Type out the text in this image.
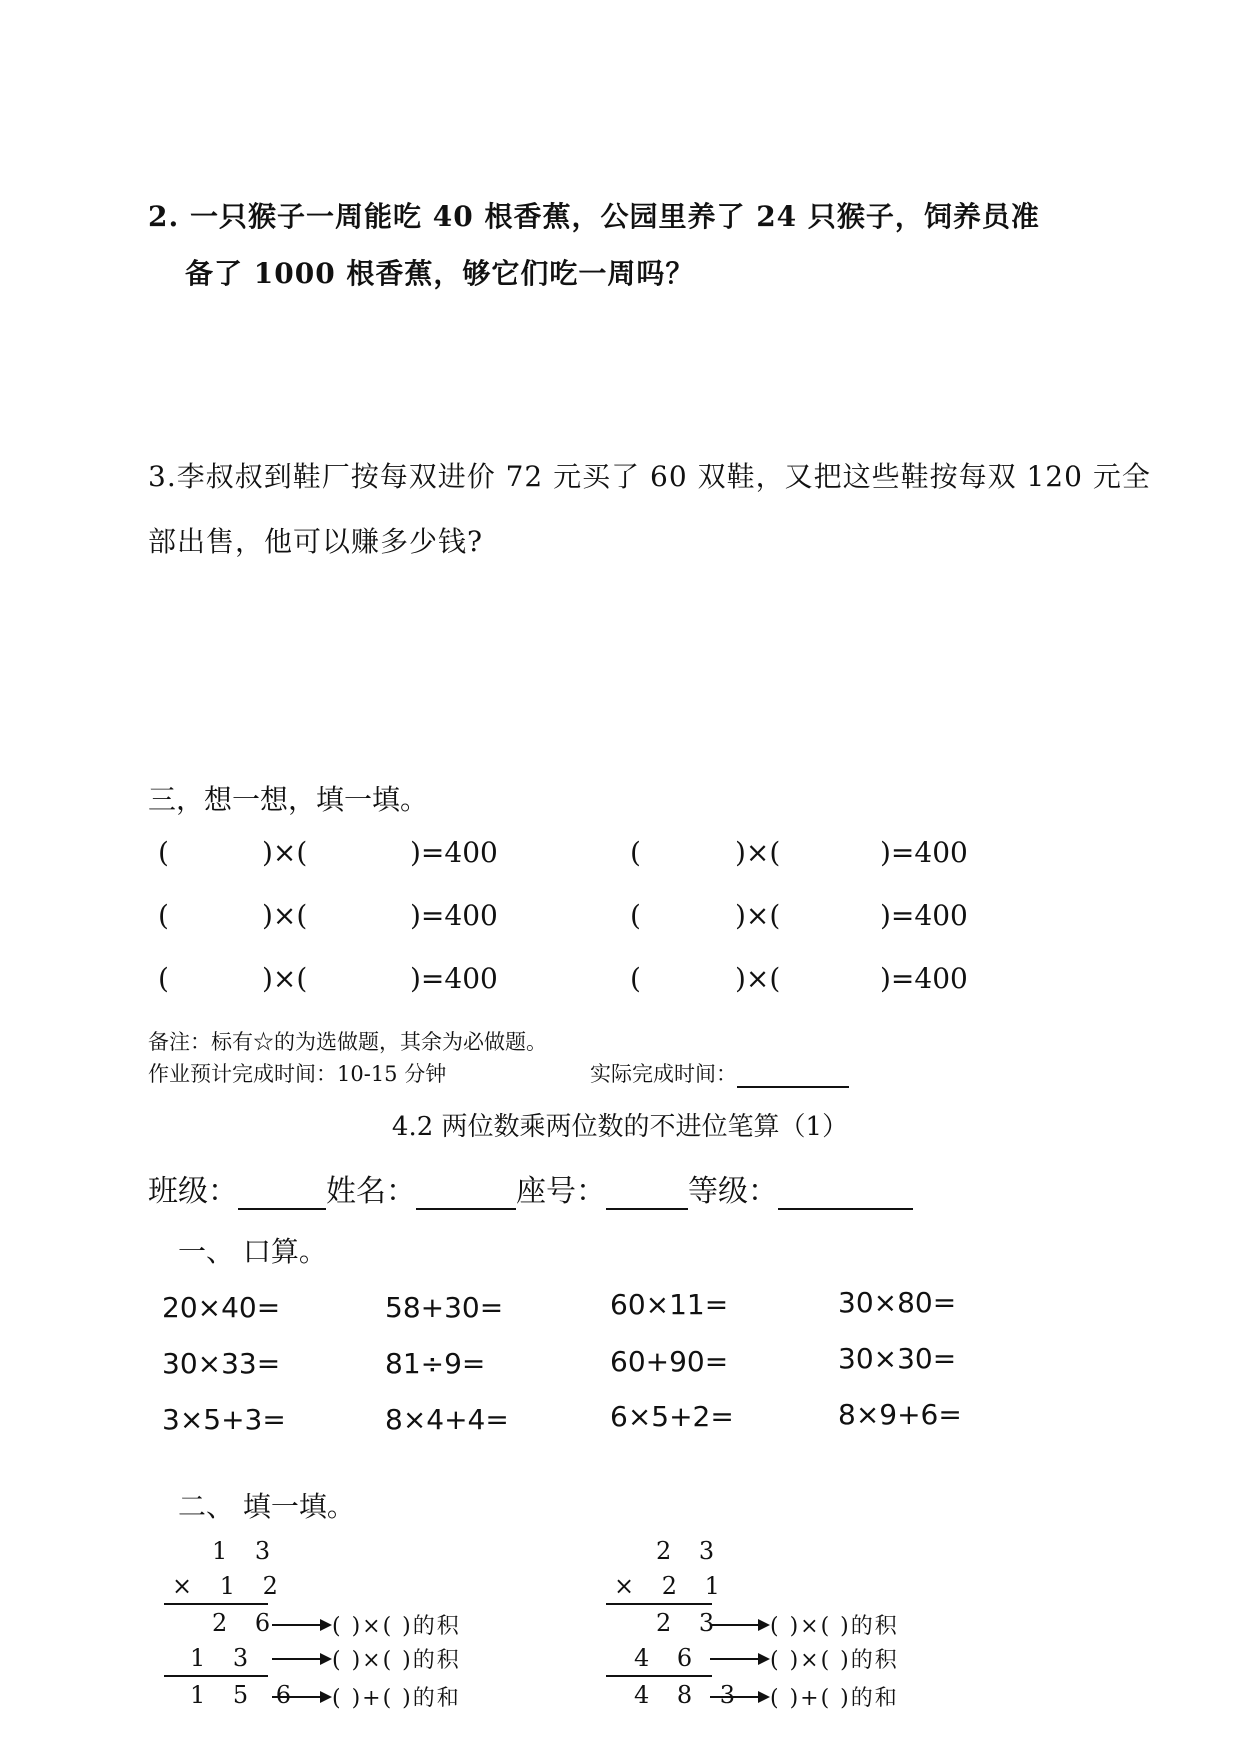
2. 一只猴子一周能吃 40 根香蕉，公园里养了 24 只猴子，饲养员准
备了 1000 根香蕉，够它们吃一周吗？
3.李叔叔到鞋厂按每双进价 72 元买了 60 双鞋，又把这些鞋按每双 120 元全
部出售，他可以赚多少钱?
三，想一想，填一填。
(	)×(	)=400	(	)×(	)=400
(	)×(	)=400	(	)×(	)=400
(	)×(	)=400	(	)×(	)=400
备注：标有☆的为选做题，其余为必做题。
作业预计完成时间：10-15 分钟	实际完成时间：
4.2 两位数乘两位数的不进位笔算（1）
班级：	姓名：	座号：	等级：
一、 口算。
20×40=	58+30=	60×11=	30×80=
30×33=	81÷9=	60+90=	30×30=
3×5+3=	8×4+4=	6×5+2=	8×9+6=
二、 填一填。
1 3
× 1 2
2 6 ( )×( )的积
1 3	( )×( )的积
1 5 6 ( )+( )的和
2 3
× 2 1
2 3 ( )×( )的积
4 6	( )×( )的积
4 8 3 ( )+( )的和
